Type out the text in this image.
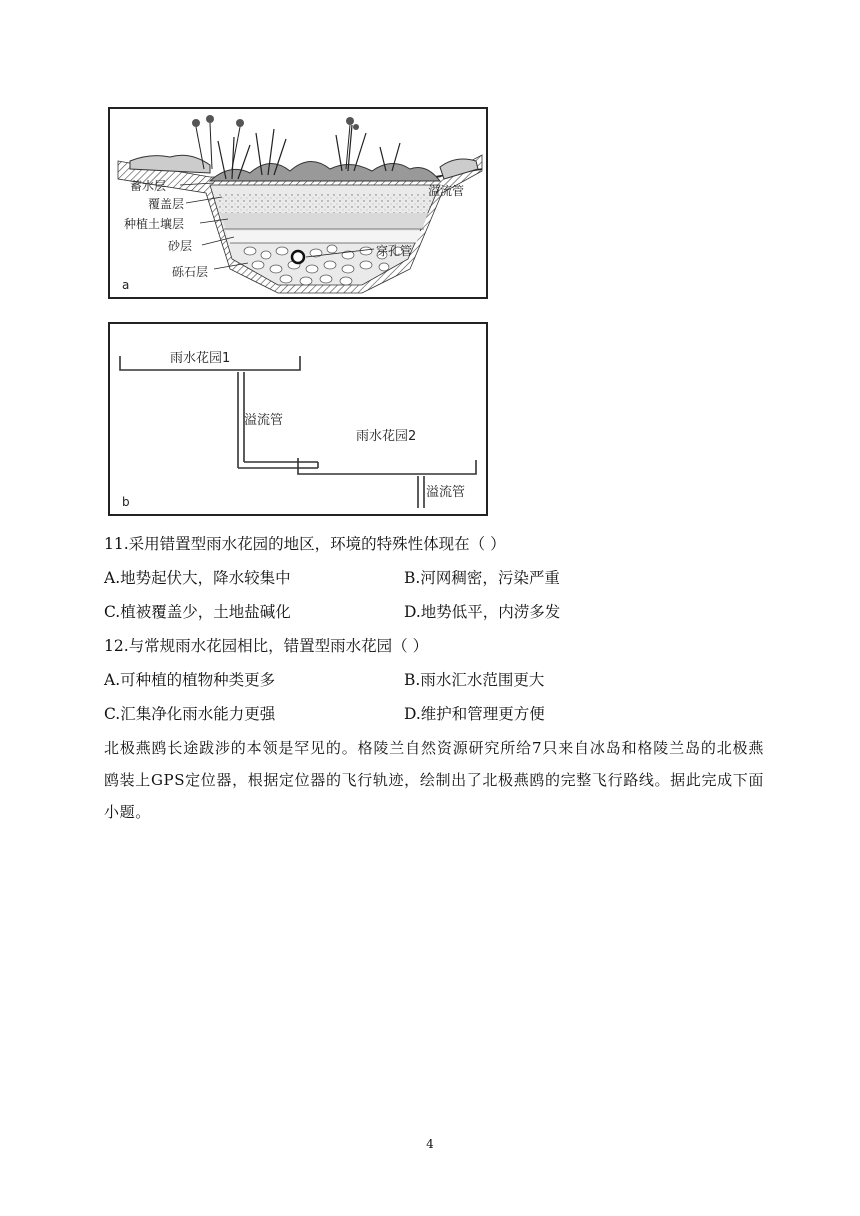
蓄水层
覆盖层
种植土壤层
砂层
砾石层
溢流管
穿孔管
a
雨水花园1
溢流管
雨水花园2
溢流管
b
11.采用错置型雨水花园的地区，环境的特殊性体现在（ ）
A.地势起伏大，降水较集中	B.河网稠密，污染严重
C.植被覆盖少，土地盐碱化	D.地势低平，内涝多发
12.与常规雨水花园相比，错置型雨水花园（ ）
A.可种植的植物种类更多	B.雨水汇水范围更大
C.汇集净化雨水能力更强	D.维护和管理更方便
北极燕鸥长途跋涉的本领是罕见的。格陵兰自然资源研究所给7只来自冰岛和格陵兰岛的北极燕鸥装上GPS定位器，根据定位器的飞行轨迹，绘制出了北极燕鸥的完整飞行路线。据此完成下面小题。
4
